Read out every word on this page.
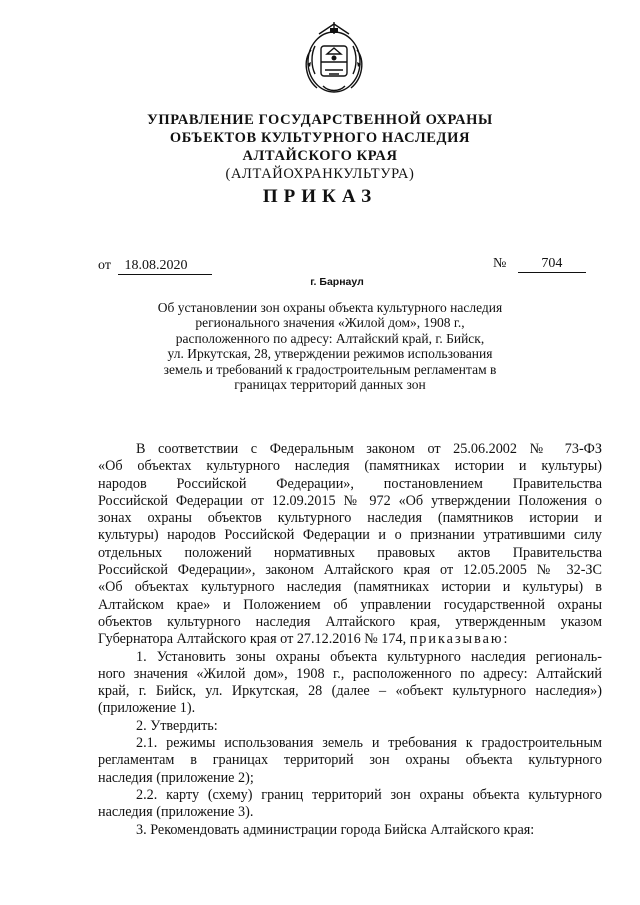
УПРАВЛЕНИЕ ГОСУДАРСТВЕННОЙ ОХРАНЫ
ОБЪЕКТОВ КУЛЬТУРНОГО НАСЛЕДИЯ
АЛТАЙСКОГО КРАЯ
(АЛТАЙОХРАНКУЛЬТУРА)
ПРИКАЗ
от 18.08.2020	№	704
г. Барнаул
Об установлении зон охраны объекта культурного наследия
регионального значения «Жилой дом», 1908 г.,
расположенного по адресу: Алтайский край, г. Бийск,
ул. Иркутская, 28, утверждении режимов использования
земель и требований к градостроительным регламентам в
границах территорий данных зон
В соответствии с Федеральным законом от 25.06.2002 № 73-ФЗ
«Об объектах культурного наследия (памятниках истории и культуры)
народов Российской Федерации», постановлением Правительства
Российской Федерации от 12.09.2015 № 972 «Об утверждении Положения о
зонах охраны объектов культурного наследия (памятников истории и
культуры) народов Российской Федерации и о признании утратившими силу
отдельных положений нормативных правовых актов Правительства
Российской Федерации», законом Алтайского края от 12.05.2005 № 32-ЗС
«Об объектах культурного наследия (памятниках истории и культуры) в
Алтайском крае» и Положением об управлении государственной охраны
объектов культурного наследия Алтайского края, утвержденным указом
Губернатора Алтайского края от 27.12.2016 № 174, приказываю:
1. Установить зоны охраны объекта культурного наследия региональ-
ного значения «Жилой дом», 1908 г., расположенного по адресу: Алтайский
край, г. Бийск, ул. Иркутская, 28 (далее – «объект культурного наследия»)
(приложение 1).
2. Утвердить:
2.1. режимы использования земель и требования к градостроительным
регламентам в границах территорий зон охраны объекта культурного
наследия (приложение 2);
2.2. карту (схему) границ территорий зон охраны объекта культурного
наследия (приложение 3).
3. Рекомендовать администрации города Бийска Алтайского края:
